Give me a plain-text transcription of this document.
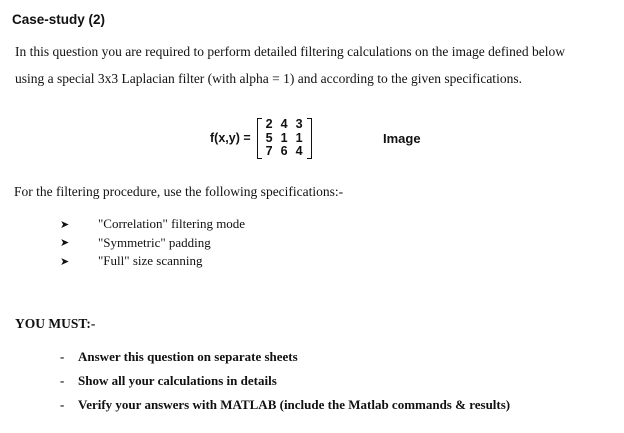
Case-study (2)
In this question you are required to perform detailed filtering calculations on the image defined below
using a special 3x3 Laplacian filter (with alpha = 1) and according to the given specifications.
f(x,y) =
2 4 3
5 1 1
7 6 4
Image
For the filtering procedure, use the following specifications:-
➤	"Correlation" filtering mode
➤	"Symmetric" padding
➤	"Full" size scanning
YOU MUST:-
-	Answer this question on separate sheets
-	Show all your calculations in details
-	Verify your answers with MATLAB (include the Matlab commands & results)
